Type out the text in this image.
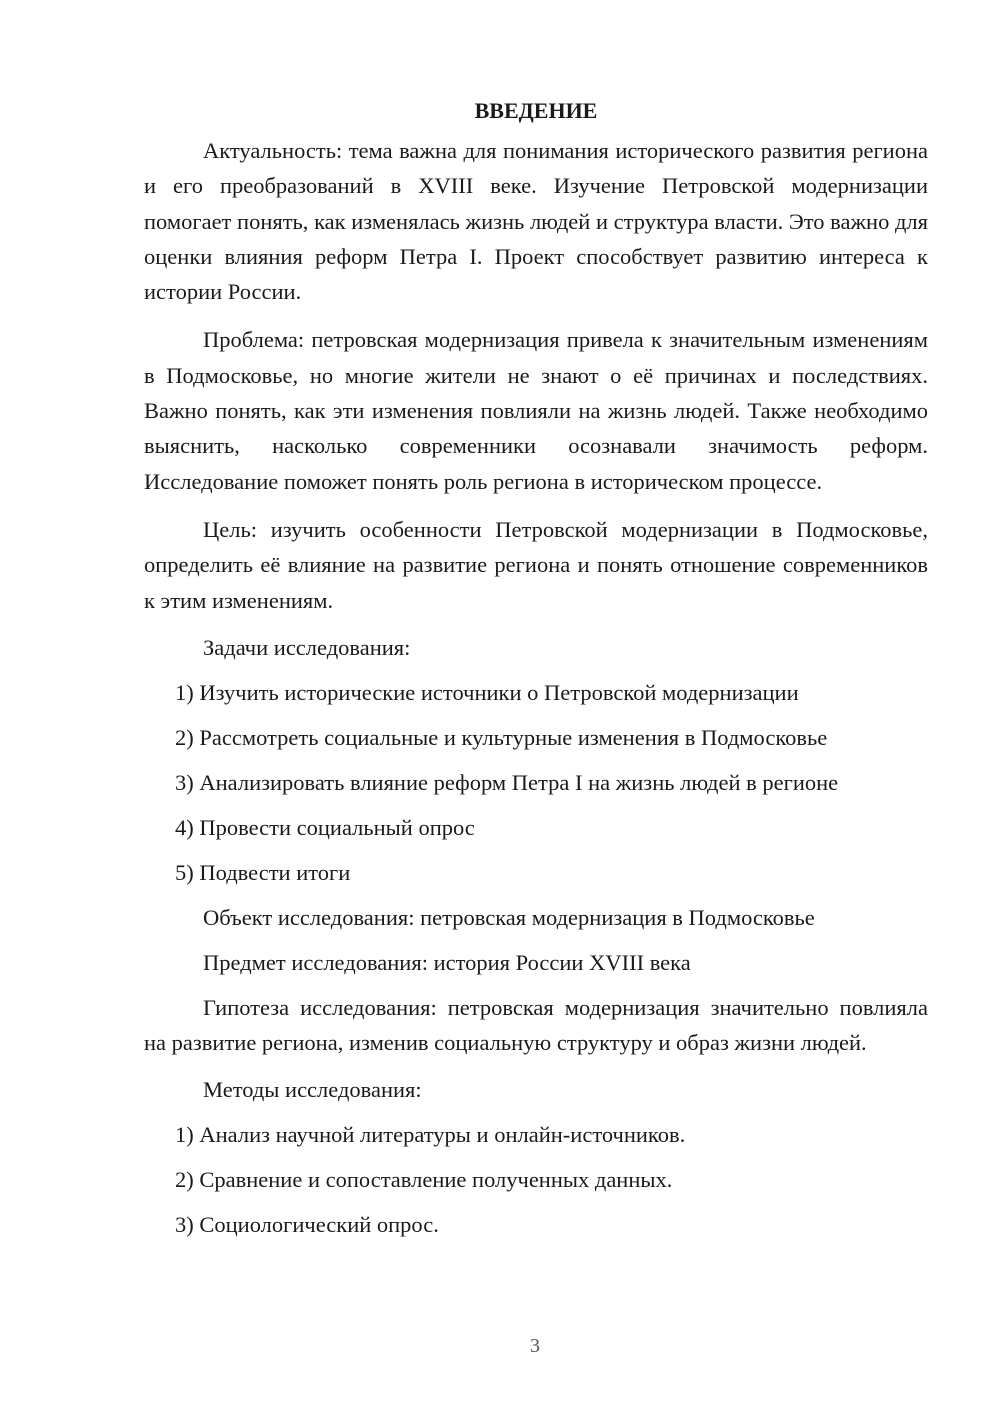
ВВЕДЕНИЕ

Актуальность: тема важна для понимания исторического развития региона и его преобразований в XVIII веке. Изучение Петровской модернизации помогает понять, как изменялась жизнь людей и структура власти. Это важно для оценки влияния реформ Петра I. Проект способствует развитию интереса к истории России.

Проблема: петровская модернизация привела к значительным изменениям в Подмосковье, но многие жители не знают о её причинах и последствиях. Важно понять, как эти изменения повлияли на жизнь людей. Также необходимо выяснить, насколько современники осознавали значимость реформ. Исследование поможет понять роль региона в историческом процессе.

Цель: изучить особенности Петровской модернизации в Подмосковье, определить её влияние на развитие региона и понять отношение современников к этим изменениям.

Задачи исследования:

1) Изучить исторические источники о Петровской модернизации

2) Рассмотреть социальные и культурные изменения в Подмосковье

3) Анализировать влияние реформ Петра I на жизнь людей в регионе

4) Провести социальный опрос

5) Подвести итоги

Объект исследования: петровская модернизация в Подмосковье

Предмет исследования: история России XVIII века

Гипотеза исследования: петровская модернизация значительно повлияла на развитие региона, изменив социальную структуру и образ жизни людей.

Методы исследования:

1) Анализ научной литературы и онлайн-источников.

2) Сравнение и сопоставление полученных данных.

3) Социологический опрос.

3
